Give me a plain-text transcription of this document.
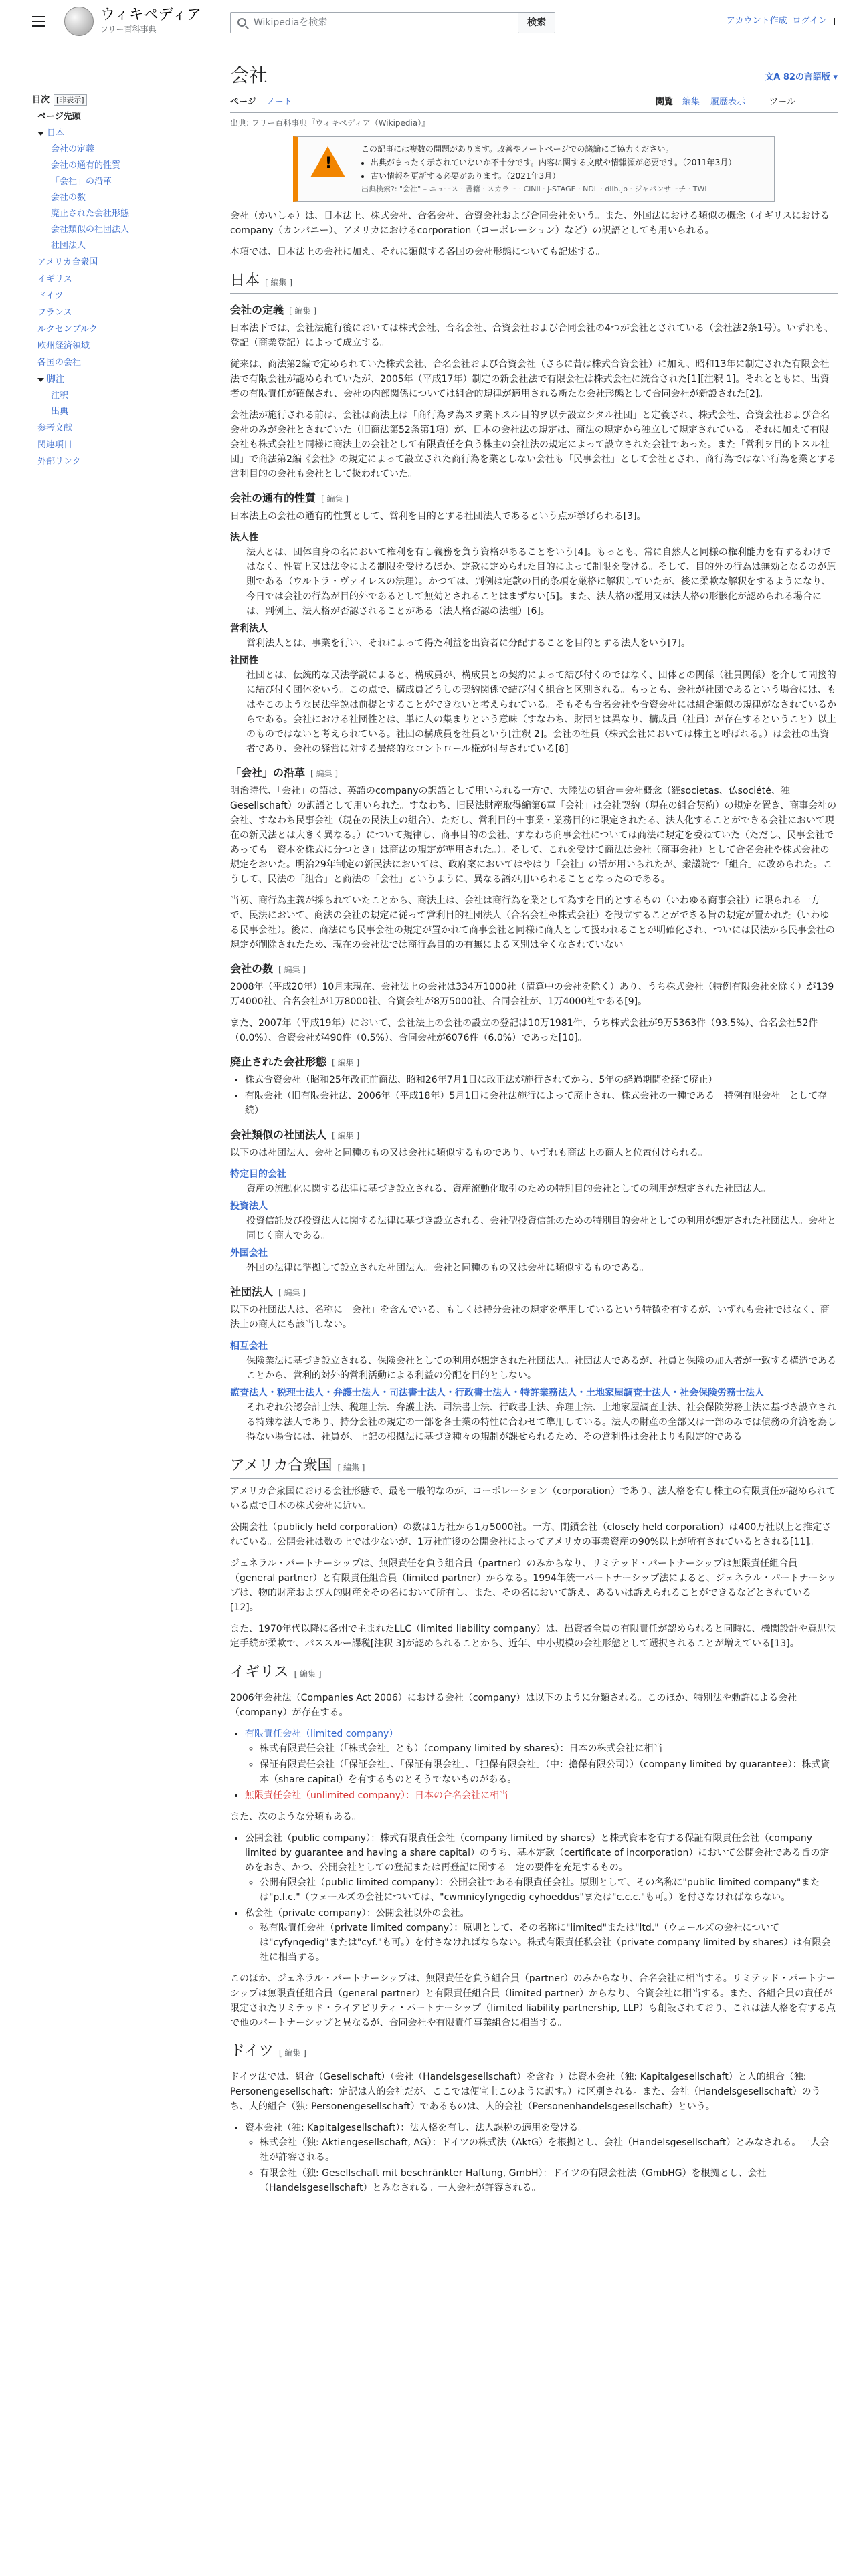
ウィキペディア
フリー百科事典
Wikipediaを検索	検索	アカウント作成 ログイン
目次 [非表示]
ページ先頭
日本
会社の定義
会社の通有的性質
「会社」の沿革
会社の数
廃止された会社形態
会社類似の社団法人
社団法人
アメリカ合衆国
イギリス
ドイツ
フランス
ルクセンブルク
欧州経済領域
各国の会社
脚注
注釈
出典
参考文献
関連項目
外部リンク
会社	文A 82の言語版 ▾
ページ ノート	閲覧 編集 履歴表示	ツール
出典: フリー百科事典『ウィキペディア（Wikipedia）』
!
この記事には複数の問題があります。改善やノートページでの議論にご協力ください。
• 出典がまったく示されていないか不十分です。内容に関する文献や情報源が必要です。（2011年3月）
• 古い情報を更新する必要があります。（2021年3月）
出典検索?: "会社" – ニュース · 書籍 · スカラー · CiNii · J-STAGE · NDL · dlib.jp · ジャパンサーチ · TWL

会社（かいしゃ）は、日本法上、株式会社、合名会社、合資会社および合同会社をいう。また、外国法における類似の概念（イギリスにおけるcompany（カンパニー）、アメリカにおけるcorporation（コーポレーション）など）の訳語としても用いられる。

本項では、日本法上の会社に加え、それに類似する各国の会社形態についても記述する。

日本 [ 編集 ]
会社の定義 [ 編集 ]

日本法下では、会社法施行後においては株式会社、合名会社、合資会社および合同会社の4つが会社とされている（会社法2条1号）。いずれも、登記（商業登記）によって成立する。

従来は、商法第2編で定められていた株式会社、合名会社および合資会社（さらに昔は株式合資会社）に加え、昭和13年に制定された有限会社法で有限会社が認められていたが、2005年（平成17年）制定の新会社法で有限会社は株式会社に統合された[1][注釈 1]。それとともに、出資者の有限責任が確保され、会社の内部関係については組合的規律が適用される新たな会社形態として合同会社が新設された[2]。

会社法が施行される前は、会社は商法上は「商行為ヲ為スヲ業トスル目的ヲ以テ設立シタル社団」と定義され、株式会社、合資会社および合名会社のみが会社とされていた（旧商法第52条第1項）が、日本の会社法の規定は、商法の規定から独立して規定されている。それに加えて有限会社も株式会社と同様に商法上の会社として有限責任を負う株主の会社法の規定によって設立された会社であった。また「営利ヲ目的トスル社団」で商法第2編《会社》の規定によって設立された商行為を業としない会社も「民事会社」として会社とされ、商行為ではない行為を業とする営利目的の会社も会社として扱われていた。

会社の通有的性質 [ 編集 ]

日本法上の会社の通有的性質として、営利を目的とする社団法人であるという点が挙げられる[3]。

法人性
法人とは、団体自身の名において権利を有し義務を負う資格があることをいう[4]。もっとも、常に自然人と同様の権利能力を有するわけではなく、性質上又は法令による制限を受けるほか、定款に定められた目的によって制限を受ける。そして、目的外の行為は無効となるのが原則である（ウルトラ・ヴァイレスの法理）。かつては、判例は定款の目的条項を厳格に解釈していたが、後に柔軟な解釈をするようになり、今日では会社の行為が目的外であるとして無効とされることはまずない[5]。また、法人格の濫用又は法人格の形骸化が認められる場合には、判例上、法人格が否認されることがある（法人格否認の法理）[6]。
営利法人
営利法人とは、事業を行い、それによって得た利益を出資者に分配することを目的とする法人をいう[7]。
社団性
社団とは、伝統的な民法学説によると、構成員が、構成員との契約によって結び付くのではなく、団体との関係（社員関係）を介して間接的に結び付く団体をいう。この点で、構成員どうしの契約関係で結び付く組合と区別される。もっとも、会社が社団であるという場合には、もはやこのような民法学説は前提とすることができないと考えられている。そもそも合名会社や合資会社には組合類似の規律がなされているからである。会社における社団性とは、単に人の集まりという意味（すなわち、財団とは異なり、構成員（社員）が存在するということ）以上のものではないと考えられている。社団の構成員を社員という[注釈 2]。会社の社員（株式会社においては株主と呼ばれる。）は会社の出資者であり、会社の経営に対する最終的なコントロール権が付与されている[8]。
「会社」の沿革 [ 編集 ]

明治時代、「会社」の語は、英語のcompanyの訳語として用いられる一方で、大陸法の組合＝会社概念（羅societas、仏société、独Gesellschaft）の訳語として用いられた。すなわち、旧民法財産取得編第6章「会社」は会社契約（現在の組合契約）の規定を置き、商事会社の会社、すなわち民事会社（現在の民法上の組合）、ただし、営利目的＋事業・業務目的に限定されたる、法人化することができる会社において現在の新民法とは大きく異なる。）について規律し、商事目的の会社、すなわち商事会社については商法に規定を委ねていた（ただし、民事会社であっても「資本を株式に分つとき」は商法の規定が準用された。）。そして、これを受けて商法は会社（商事会社）として合名会社や株式会社の規定をおいた。明治29年制定の新民法においては、政府案においてはやはり「会社」の語が用いられたが、衆議院で「組合」に改められた。こうして、民法の「組合」と商法の「会社」というように、異なる語が用いられることとなったのである。

当初、商行為主義が採られていたことから、商法上は、会社は商行為を業として為すを目的とするもの（いわゆる商事会社）に限られる一方で、民法において、商法の会社の規定に従って営利目的社団法人（合名会社や株式会社）を設立することができる旨の規定が置かれた（いわゆる民事会社）。後に、商法にも民事会社の規定が置かれて商事会社と同様に商人として扱われることが明確化され、ついには民法から民事会社の規定が削除されたため、現在の会社法では商行為目的の有無による区別は全くなされていない。

会社の数 [ 編集 ]

2008年（平成20年）10月末現在、会社法上の会社は334万1000社（清算中の会社を除く）あり、うち株式会社（特例有限会社を除く）が139万4000社、合名会社が1万8000社、合資会社が8万5000社、合同会社が、1万4000社である[9]。

また、2007年（平成19年）において、会社法上の会社の設立の登記は10万1981件、うち株式会社が9万5363件（93.5%）、合名会社52件（0.0%）、合資会社が490件（0.5%）、合同会社が6076件（6.0%）であった[10]。

廃止された会社形態 [ 編集 ]
• 株式合資会社（昭和25年改正前商法、昭和26年7月1日に改正法が施行されてから、5年の経過期間を経て廃止）
• 有限会社（旧有限会社法、2006年（平成18年）5月1日に会社法施行によって廃止され、株式会社の一種である「特例有限会社」として存続）
会社類似の社団法人 [ 編集 ]

以下のは社団法人、会社と同種のもの又は会社に類似するものであり、いずれも商法上の商人と位置付けられる。

特定目的会社
資産の流動化に関する法律に基づき設立される、資産流動化取引のための特別目的会社としての利用が想定された社団法人。
投資法人
投資信託及び投資法人に関する法律に基づき設立される、会社型投資信託のための特別目的会社としての利用が想定された社団法人。会社と同じく商人である。
外国会社
外国の法律に準拠して設立された社団法人。会社と同種のもの又は会社に類似するものである。
社団法人 [ 編集 ]

以下の社団法人は、名称に「会社」を含んでいる、もしくは持分会社の規定を準用しているという特徴を有するが、いずれも会社ではなく、商法上の商人にも該当しない。

相互会社
保険業法に基づき設立される、保険会社としての利用が想定された社団法人。社団法人であるが、社員と保険の加入者が一致する構造であることから、営利的対外的営利活動による利益の分配を目的としない。
監査法人・税理士法人・弁護士法人・司法書士法人・行政書士法人・特許業務法人・土地家屋調査士法人・社会保険労務士法人
それぞれ公認会計士法、税理士法、弁護士法、司法書士法、行政書士法、弁理士法、土地家屋調査士法、社会保険労務士法に基づき設立される特殊な法人であり、持分会社の規定の一部を各士業の特性に合わせて準用している。法人の財産の全部又は一部のみでは債務の弁済を為し得ない場合には、社員が、上記の根拠法に基づき種々の規制が課せられるため、その営利性は会社よりも限定的である。
アメリカ合衆国 [ 編集 ]

アメリカ合衆国における会社形態で、最も一般的なのが、コーポレーション（corporation）であり、法人格を有し株主の有限責任が認められている点で日本の株式会社に近い。

公開会社（publicly held corporation）の数は1万社から1万5000社。一方、閉鎖会社（closely held corporation）は400万社以上と推定されている。公開会社は数の上では少ないが、1万社前後の公開会社によってアメリカの事業資産の90%以上が所有されているとされる[11]。

ジェネラル・パートナーシップは、無限責任を負う組合員（partner）のみからなり、リミテッド・パートナーシップは無限責任組合員（general partner）と有限責任組合員（limited partner）からなる。1994年統一パートナーシップ法によると、ジェネラル・パートナーシップは、物的財産および人的財産をその名において所有し、また、その名において訴え、あるいは訴えられることができるなどとされている[12]。

また、1970年代以降に各州で主まれたLLC（limited liability company）は、出資者全員の有限責任が認められると同時に、機関設計や意思決定手続が柔軟で、パススルー課税[注釈 3]が認められることから、近年、中小規模の会社形態として選択されることが増えている[13]。

イギリス [ 編集 ]

2006年会社法（Companies Act 2006）における会社（company）は以下のように分類される。このほか、特別法や勅許による会社（company）が存在する。

• 有限責任会社（limited company）
◦ 株式有限責任会社（「株式会社」とも）（company limited by shares）：日本の株式会社に相当
◦ 保証有限責任会社（「保証会社」、「保証有限会社」、「担保有限会社」（中：擔保有限公司））（company limited by guarantee）：株式資本（share capital）を有するものとそうでないものがある。
• 無限責任会社（unlimited company）：日本の合名会社に相当

また、次のような分類もある。

• 公開会社（public company）：株式有限責任会社（company limited by shares）と株式資本を有する保証有限責任会社（company limited by guarantee and having a share capital）のうち、基本定款（certificate of incorporation）において公開会社である旨の定めをおき、かつ、公開会社としての登記または再登記に関する一定の要件を充足するもの。
◦ 公開有限会社（public limited company）：公開会社である有限責任会社。原則として、その名称に"public limited company"または"p.l.c."（ウェールズの会社については、"cwmnicyfyngedig cyhoeddus"または"c.c.c."も可。）を付さなければならない。
• 私会社（private company）：公開会社以外の会社。
◦ 私有限責任会社（private limited company）：原則として、その名称に"limited"または"ltd."（ウェールズの会社については"cyfyngedig"または"cyf."も可。）を付さなければならない。株式有限責任私会社（private company limited by shares）は有限会社に相当する。

このほか、ジェネラル・パートナーシップは、無限責任を負う組合員（partner）のみからなり、合名会社に相当する。リミテッド・パートナーシップは無限責任組合員（general partner）と有限責任組合員（limited partner）からなり、合資会社に相当する。また、各組合員の責任が限定されたリミテッド・ライアビリティ・パートナーシップ（limited liability partnership, LLP）も創設されており、これは法人格を有する点で他のパートナーシップと異なるが、合同会社や有限責任事業組合に相当する。

ドイツ [ 編集 ]

ドイツ法では、組合（Gesellschaft）（会社（Handelsgesellschaft）を含む。）は資本会社（独: Kapitalgesellschaft）と人的組合（独: Personengesellschaft：定訳は人的会社だが、ここでは便宜上このように訳す。）に区別される。また、会社（Handelsgesellschaft）のうち、人的組合（独: Personengesellschaft）であるものは、人的会社（Personenhandelsgesellschaft）という。

• 資本会社（独: Kapitalgesellschaft）：法人格を有し、法人課税の適用を受ける。
◦ 株式会社（独: Aktiengesellschaft, AG）：ドイツの株式法（AktG）を根拠とし、会社（Handelsgesellschaft）とみなされる。一人会社が許容される。
◦ 有限会社（独: Gesellschaft mit beschränkter Haftung, GmbH）：ドイツの有限会社法（GmbHG）を根拠とし、会社（Handelsgesellschaft）とみなされる。一人会社が許容される。
